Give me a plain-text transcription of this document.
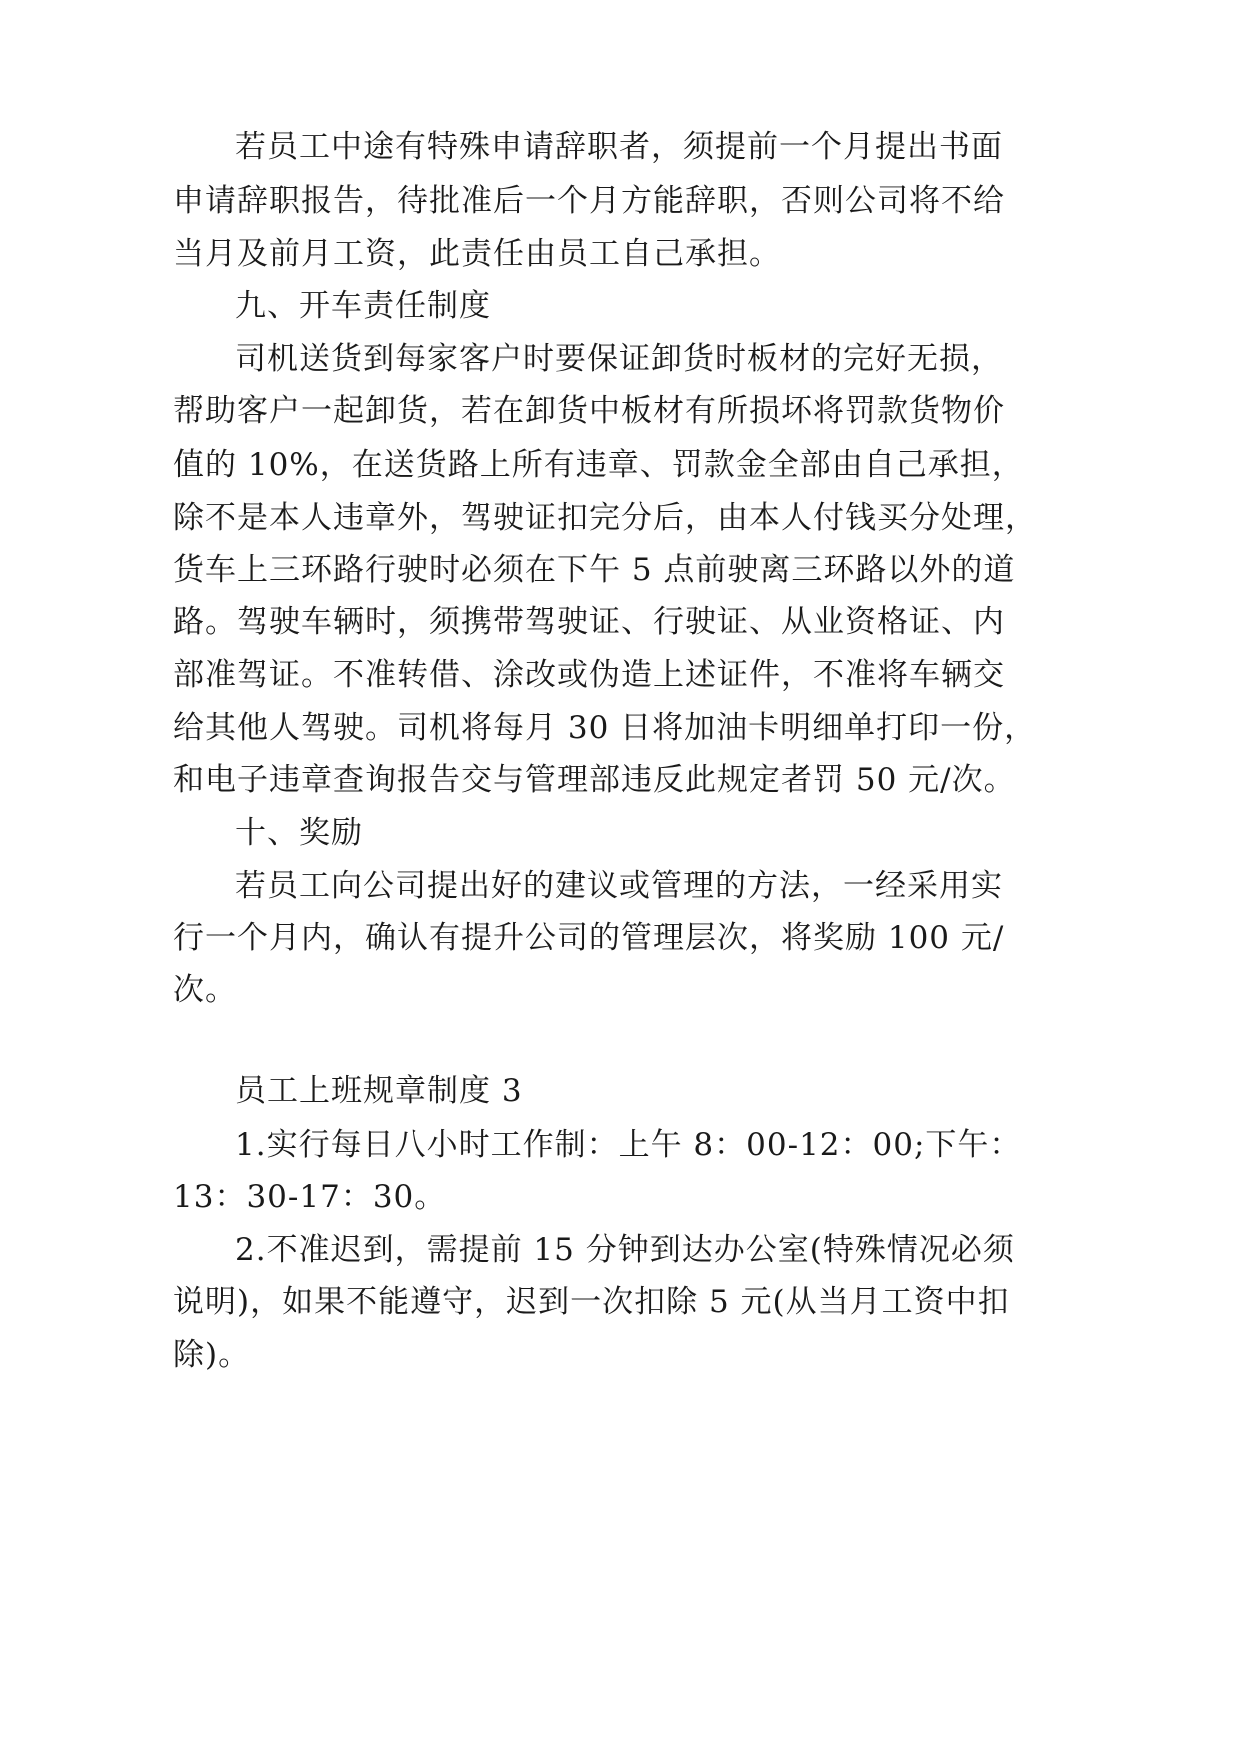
若员工中途有特殊申请辞职者，须提前一个月提出书面

申请辞职报告，待批准后一个月方能辞职，否则公司将不给

当月及前月工资，此责任由员工自己承担。

九、开车责任制度

司机送货到每家客户时要保证卸货时板材的完好无损，

帮助客户一起卸货，若在卸货中板材有所损坏将罚款货物价

值的 10%，在送货路上所有违章、罚款金全部由自己承担，

除不是本人违章外，驾驶证扣完分后，由本人付钱买分处理，

货车上三环路行驶时必须在下午 5 点前驶离三环路以外的道

路。驾驶车辆时，须携带驾驶证、行驶证、从业资格证、内

部准驾证。不准转借、涂改或伪造上述证件，不准将车辆交

给其他人驾驶。司机将每月 30 日将加油卡明细单打印一份，

和电子违章查询报告交与管理部违反此规定者罚 50 元/次。

十、奖励

若员工向公司提出好的建议或管理的方法，一经采用实

行一个月内，确认有提升公司的管理层次，将奖励 100 元/

次。

员工上班规章制度 3

1.实行每日八小时工作制：上午 8：00-12：00;下午：

13：30-17：30。

2.不准迟到，需提前 15 分钟到达办公室(特殊情况必须

说明)，如果不能遵守，迟到一次扣除 5 元(从当月工资中扣

除)。
